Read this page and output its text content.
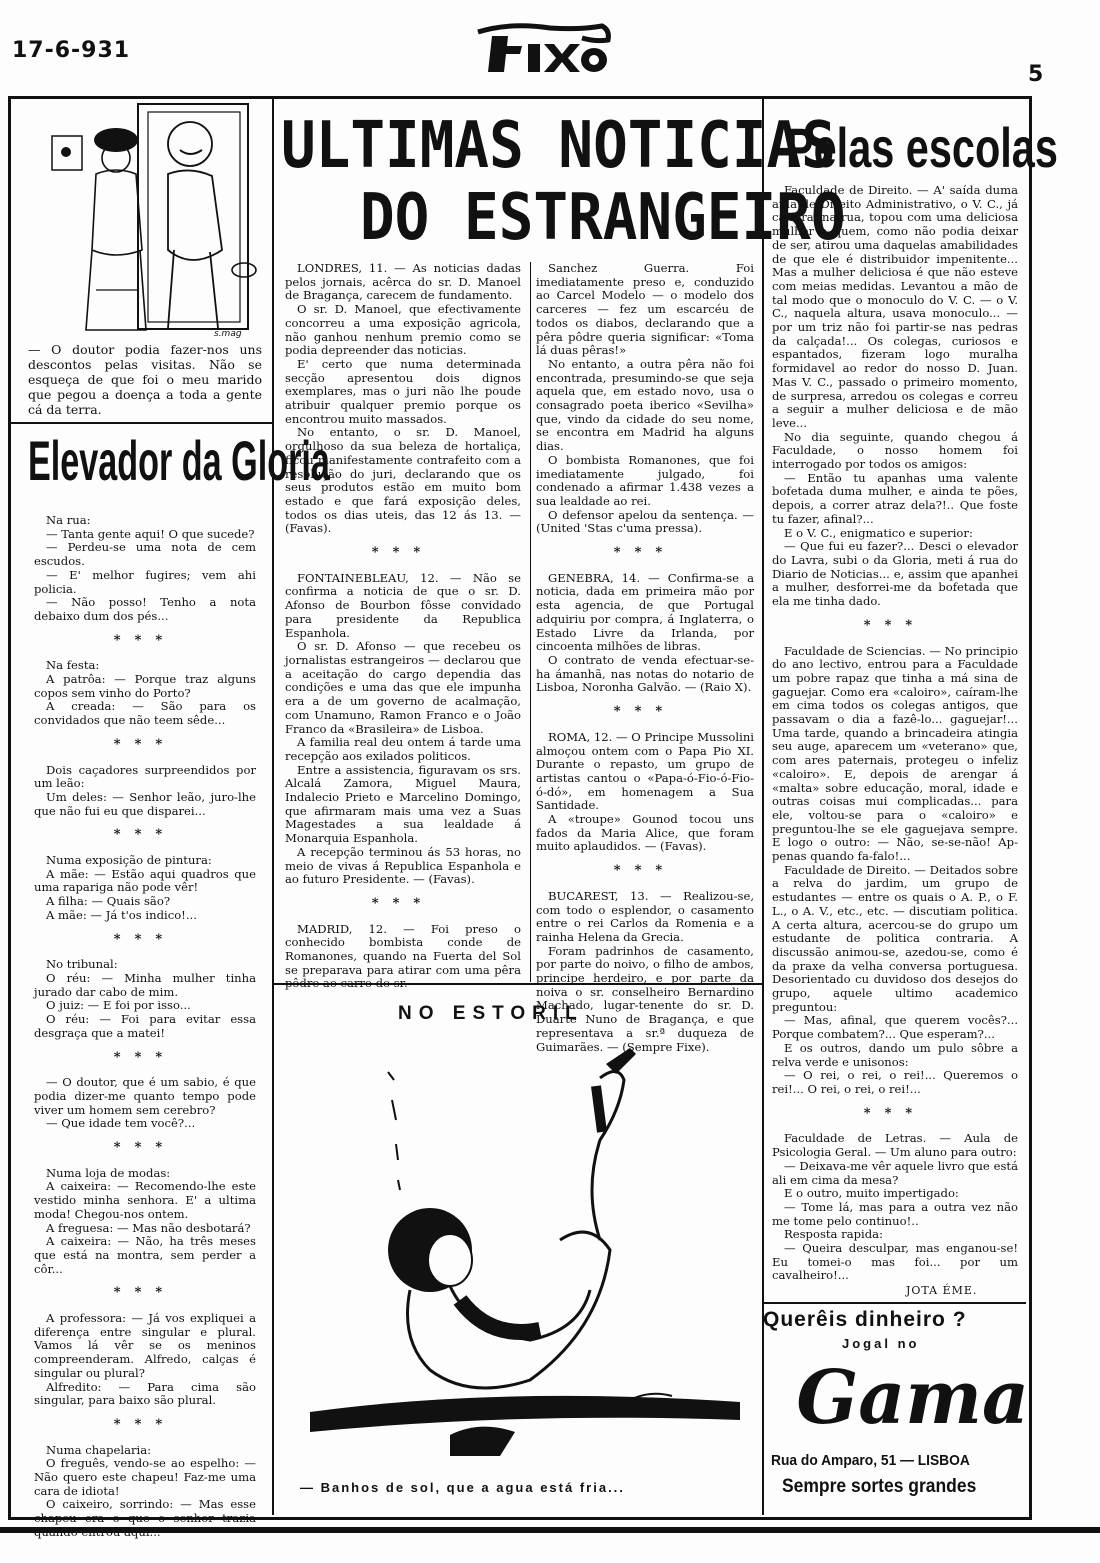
17-6-931
5
s.mag
— O doutor podia fazer-nos uns descontos pelas visitas. Não se esqueça de que foi o meu marido que pegou a doença a toda a gente cá da terra.
Elevador da Gloria

Na rua:

— Tanta gente aqui! O que sucede?

— Perdeu-se uma nota de cem escudos.

— E' melhor fugires; vem ahi policia.

— Não posso! Tenho a nota debaixo dum dos pés...

***

Na festa:

A patrôa: — Porque traz alguns copos sem vinho do Porto?

A creada: — São para os convidados que não teem sêde...

***

Dois caçadores surpreendidos por um leão:

Um deles: — Senhor leão, juro-lhe que não fui eu que disparei...

***

Numa exposição de pintura:

A mãe: — Estão aqui quadros que uma rapariga não pode vêr!

A filha: — Quais são?

A mãe: — Já t'os indico!...

***

No tribunal:

O réu: — Minha mulher tinha jurado dar cabo de mim.

O juiz: — E foi por isso...

O réu: — Foi para evitar essa desgraça que a matei!

***

— O doutor, que é um sabio, é que podia dizer-me quanto tempo pode viver um homem sem cerebro?

— Que idade tem você?...

***

Numa loja de modas:

A caixeira: — Recomendo-lhe este vestido minha senhora. E' a ultima moda! Chegou-nos ontem.

A freguesa: — Mas não desbotará?

A caixeira: — Não, ha três meses que está na montra, sem perder a côr...

***

A professora: — Já vos expliquei a diferença entre singular e plural. Vamos lá vêr se os meninos compreenderam. Alfredo, calças é singular ou plural?

Alfredito: — Para cima são singular, para baixo são plural.

***

Numa chapelaria:

O freguês, vendo-se ao espelho: — Não quero este chapeu! Faz-me uma cara de idiota!

O caixeiro, sorrindo: — Mas esse chapeu era o que o senhor trazia quando entrou aqui...

ULTIMAS NOTICIAS
DO ESTRANGEIRO

LONDRES, 11. — As noticias dadas pelos jornais, acêrca do sr. D. Manoel de Bragança, carecem de fundamento.

O sr. D. Manoel, que efectivamente concorreu a uma exposição agricola, não ganhou nenhum premio como se podia depreender das noticias.

E' certo que numa determinada secção apresentou dois dignos exemplares, mas o juri não lhe poude atribuir qualquer premio porque os encontrou muito massados.

No entanto, o sr. D. Manoel, orgulhoso da sua beleza de hortaliça, ficou manifestamente contrafeito com a resolução do juri, declarando que os seus produtos estão em muito bom estado e que fará exposição deles, todos os dias uteis, das 12 ás 13. — (Favas).

***

FONTAINEBLEAU, 12. — Não se confirma a noticia de que o sr. D. Afonso de Bourbon fôsse convidado para presidente da Republica Espanhola.

O sr. D. Afonso — que recebeu os jornalistas estrangeiros — declarou que a aceitação do cargo dependia das condições e uma das que ele impunha era a de um governo de acalmação, com Unamuno, Ramon Franco e o João Franco da «Brasileira» de Lisboa.

A familia real deu ontem á tarde uma recepção aos exilados politicos.

Entre a assistencia, figuravam os srs. Alcalá Zamora, Miguel Maura, Indalecio Prieto e Marcelino Domingo, que afirmaram mais uma vez a Suas Magestades a sua lealdade á Monarquia Espanhola.

A recepção terminou ás 53 horas, no meio de vivas á Republica Espanhola e ao futuro Presidente. — (Favas).

***

MADRID, 12. — Foi preso o conhecido bombista conde de Romanones, quando na Fuerta del Sol se preparava para atirar com uma pêra pôdre ao carro do sr.

Sanchez Guerra. Foi imediatamente preso e, conduzido ao Carcel Modelo — o modelo dos carceres — fez um escarcéu de todos os diabos, declarando que a pêra pôdre queria significar: «Toma lá duas pêras!»

No entanto, a outra pêra não foi encontrada, presumindo-se que seja aquela que, em estado novo, usa o consagrado poeta iberico «Sevilha» que, vindo da cidade do seu nome, se encontra em Madrid ha alguns dias.

O bombista Romanones, que foi imediatamente julgado, foi condenado a afirmar 1.438 vezes a sua lealdade ao rei.

O defensor apelou da sentença. — (United 'Stas c'uma pressa).

***

GENEBRA, 14. — Confirma-se a noticia, dada em primeira mão por esta agencia, de que Portugal adquiriu por compra, á Inglaterra, o Estado Livre da Irlanda, por cincoenta milhões de libras.

O contrato de venda efectuar-se-ha ámanhã, nas notas do notario de Lisboa, Noronha Galvão. — (Raio X).

***

ROMA, 12. — O Principe Mussolini almoçou ontem com o Papa Pio XI. Durante o repasto, um grupo de artistas cantou o «Papa-ó-Fio-ó-Fio-ó-dó», em homenagem a Sua Santidade.

A «troupe» Gounod tocou uns fados da Maria Alice, que foram muito aplaudidos. — (Favas).

***

BUCAREST, 13. — Realizou-se, com todo o esplendor, o casamento entre o rei Carlos da Romenia e a rainha Helena da Grecia.

Foram padrinhos de casamento, por parte do noivo, o filho de ambos, principe herdeiro, e por parte da noiva o sr. conselheiro Bernardino Machado, lugar-tenente do sr. D. Duarte Nuno de Bragança, e que representava a sr.ª duqueza de Guimarães. — (Sempre Fixe).

NO ESTORIL
— Banhos de sol, que a agua está fria...
Pelas escolas

Faculdade de Direito. — A' saída duma aula de Direito Administrativo, o V. C., já cá fóra, na rua, topou com uma deliciosa mulher a quem, como não podia deixar de ser, atirou uma daquelas amabilidades de que ele é distribuidor impenitente... Mas a mulher deliciosa é que não esteve com meias medidas. Levantou a mão de tal modo que o monoculo do V. C. — o V. C., naquela altura, usava monoculo... — por um triz não foi partir-se nas pedras da calçada!... Os colegas, curiosos e espantados, fizeram logo muralha formidavel ao redor do nosso D. Juan. Mas V. C., passado o primeiro momento, de surpresa, arredou os colegas e correu a seguir a mulher deliciosa e de mão leve...

No dia seguinte, quando chegou á Faculdade, o nosso homem foi interrogado por todos os amigos:

— Então tu apanhas uma valente bofetada duma mulher, e ainda te pões, depois, a correr atraz dela?!.. Que foste tu fazer, afinal?...

E o V. C., enigmatico e superior:

— Que fui eu fazer?... Desci o elevador do Lavra, subi o da Gloria, meti á rua do Diario de Noticias... e, assim que apanhei a mulher, desforrei-me da bofetada que ela me tinha dado.

***

Faculdade de Sciencias. — No principio do ano lectivo, entrou para a Faculdade um pobre rapaz que tinha a má sina de gaguejar. Como era «caloiro», caíram-lhe em cima todos os colegas antigos, que passavam o dia a fazê-lo... gaguejar!... Uma tarde, quando a brincadeira atingia seu auge, aparecem um «veterano» que, com ares paternais, protegeu o infeliz «caloiro». E, depois de arengar á «malta» sobre educação, moral, idade e outras coisas mui complicadas... para ele, voltou-se para o «caloiro» e preguntou-lhe se ele gaguejava sempre. E logo o outro: — Não, se-se-não! Ap-penas quando fa-falo!...

Faculdade de Direito. — Deitados sobre a relva do jardim, um grupo de estudantes — entre os quais o A. P., o F. L., o A. V., etc., etc. — discutiam politica. A certa altura, acercou-se do grupo um estudante de politica contraria. A discussão animou-se, azedou-se, como é da praxe da velha conversa portuguesa. Desorientado cu duvidoso dos desejos do grupo, aquele ultimo academico preguntou:

— Mas, afinal, que querem vocês?... Porque combatem?... Que esperam?...

E os outros, dando um pulo sôbre a relva verde e unisonos:

— O rei, o rei, o rei!... Queremos o rei!... O rei, o rei, o rei!...

***

Faculdade de Letras. — Aula de Psicologia Geral. — Um aluno para outro:

— Deixava-me vêr aquele livro que está ali em cima da mesa?

E o outro, muito impertigado:

— Tome lá, mas para a outra vez não me tome pelo continuo!..

Resposta rapida:

— Queira desculpar, mas enganou-se! Eu tomei-o mas foi... por um cavalheiro!...

JOTA ÉME.
Querêis dinheiro ?
Jogal no
Gama
Rua do Amparo, 51 — LISBOA
Sempre sortes grandes
